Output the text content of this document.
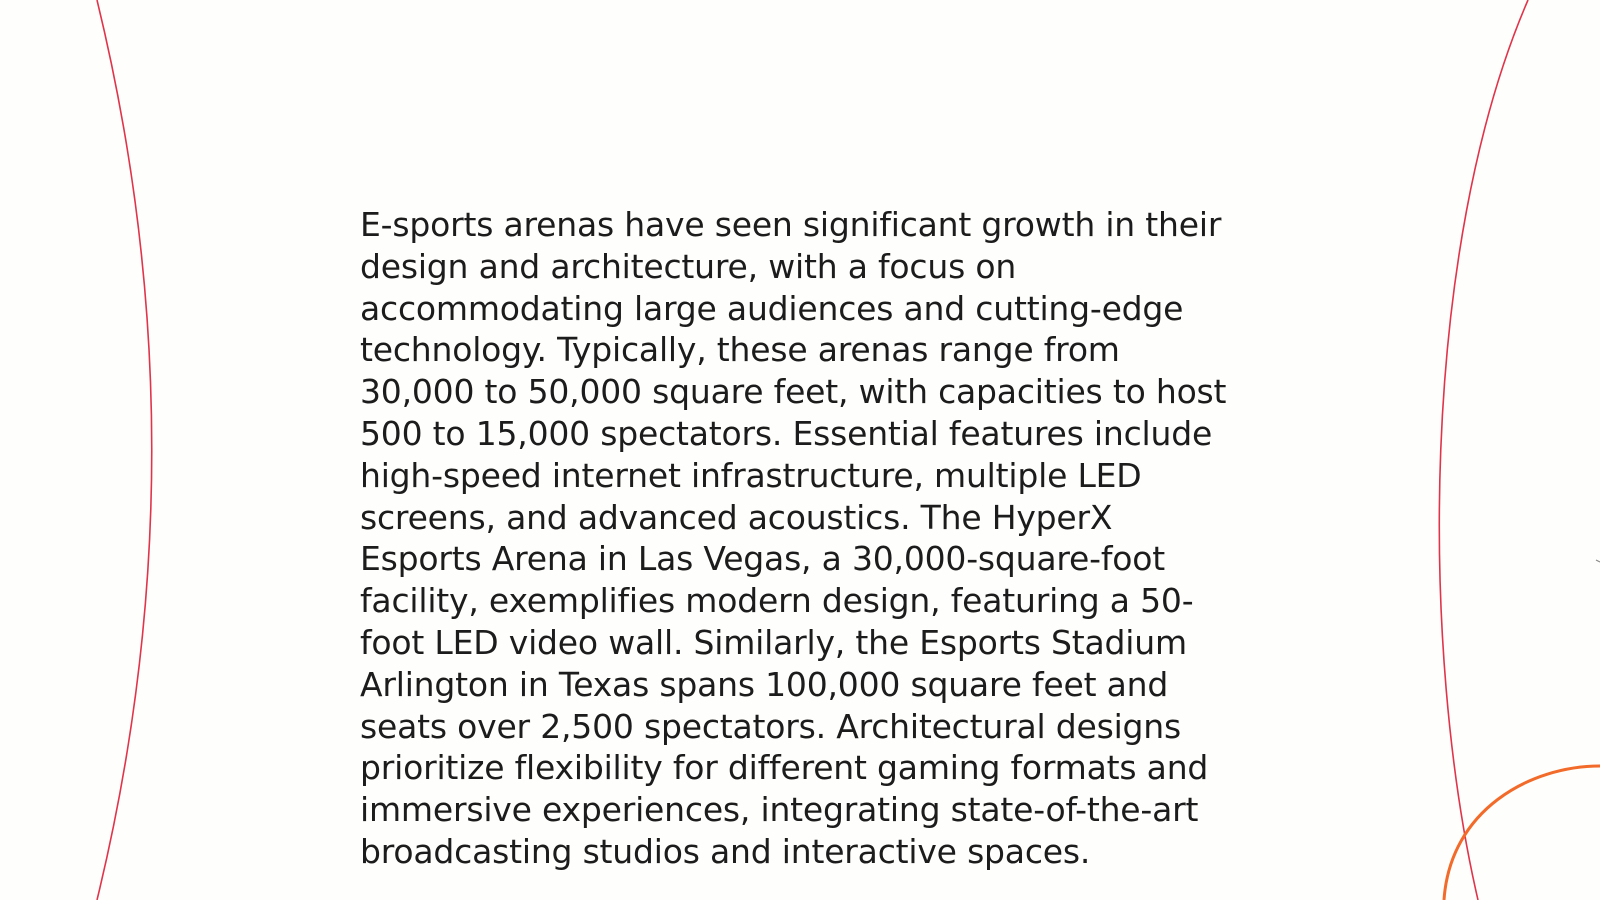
E-sports arenas have seen significant growth in their design and architecture, with a focus on accommodating large audiences and cutting-edge technology. Typically, these arenas range from 30,000 to 50,000 square feet, with capacities to host 500 to 15,000 spectators. Essential features include high-speed internet infrastructure, multiple LED screens, and advanced acoustics. The HyperX Esports Arena in Las Vegas, a 30,000-square-foot facility, exemplifies modern design, featuring a 50-foot LED video wall. Similarly, the Esports Stadium Arlington in Texas spans 100,000 square feet and seats over 2,500 spectators. Architectural designs prioritize flexibility for different gaming formats and immersive experiences, integrating state-of-the-art broadcasting studios and interactive spaces.
